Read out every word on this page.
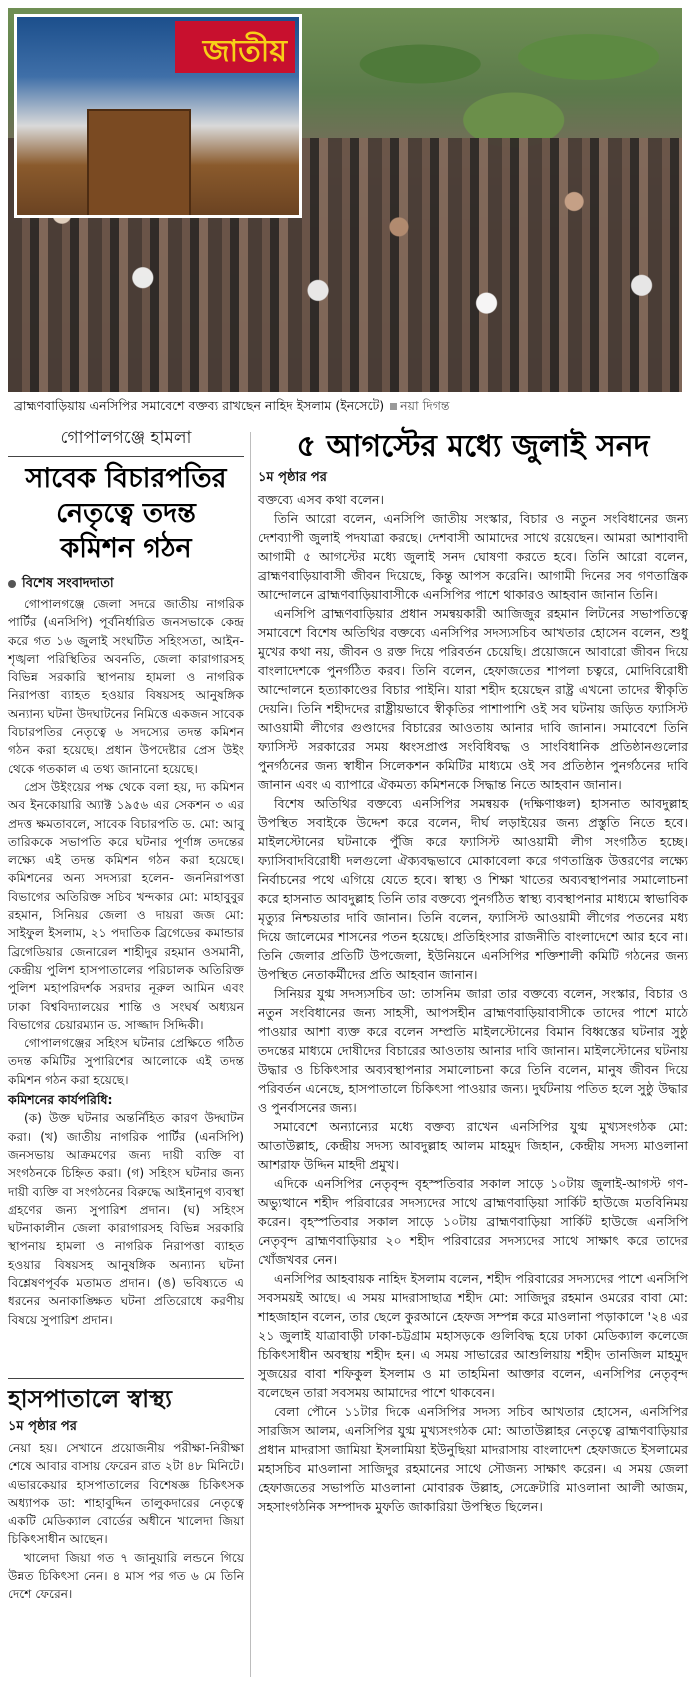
জাতীয়
ব্রাহ্মণবাড়িয়ায় এনসিপির সমাবেশে বক্তব্য রাখছেন নাহিদ ইসলাম (ইনসেটে) নয়া দিগন্ত
গোপালগঞ্জে হামলা
সাবেক বিচারপতির
নেতৃত্বে তদন্ত
কমিশন গঠন
বিশেষ সংবাদদাতা

গোপালগঞ্জে জেলা সদরে জাতীয় নাগরিক পার্টির (এনসিপি) পূর্বনির্ধারিত জনসভাকে কেন্দ্র করে গত ১৬ জুলাই সংঘটিত সহিংসতা, আইন-শৃঙ্খলা পরিস্থিতির অবনতি, জেলা কারাগারসহ বিভিন্ন সরকারি স্থাপনায় হামলা ও নাগরিক নিরাপত্তা ব্যাহত হওয়ার বিষয়সহ আনুষঙ্গিক অন্যান্য ঘটনা উদঘাটনের নিমিত্তে একজন সাবেক বিচারপতির নেতৃত্বে ৬ সদস্যের তদন্ত কমিশন গঠন করা হয়েছে। প্রধান উপদেষ্টার প্রেস উইং থেকে গতকাল এ তথ্য জানানো হয়েছে।

প্রেস উইংয়ের পক্ষ থেকে বলা হয়, দ্য কমিশন অব ইনকোয়ারি অ্যাক্ট ১৯৫৬ এর সেকশন ৩ এর প্রদত্ত ক্ষমতাবলে, সাবেক বিচারপতি ড. মো: আবু তারিককে সভাপতি করে ঘটনার পূর্ণাঙ্গ তদন্তের লক্ষ্যে এই তদন্ত কমিশন গঠন করা হয়েছে। কমিশনের অন্য সদস্যরা হলেন- জননিরাপত্তা বিভাগের অতিরিক্ত সচিব খন্দকার মো: মাহাবুবুর রহমান, সিনিয়র জেলা ও দায়রা জজ মো: সাইফুল ইসলাম, ২১ পদাতিক ব্রিগেডের কমান্ডার ব্রিগেডিয়ার জেনারেল শাহীদুর রহমান ওসমানী, কেন্দ্রীয় পুলিশ হাসপাতালের পরিচালক অতিরিক্ত পুলিশ মহাপরিদর্শক সরদার নূরুল আমিন এবং ঢাকা বিশ্ববিদ্যালয়ের শান্তি ও সংঘর্ষ অধ্যয়ন বিভাগের চেয়ারম্যান ড. সাজ্জাদ সিদ্দিকী।

গোপালগঞ্জের সহিংস ঘটনার প্রেক্ষিতে গঠিত তদন্ত কমিটির সুপারিশের আলোকে এই তদন্ত কমিশন গঠন করা হয়েছে।

কমিশনের কার্যপরিধি:

(ক) উক্ত ঘটনার অন্তর্নিহিত কারণ উদ্ঘাটন করা। (খ) জাতীয় নাগরিক পার্টির (এনসিপি) জনসভায় আক্রমণের জন্য দায়ী ব্যক্তি বা সংগঠনকে চিহ্নিত করা। (গ) সহিংস ঘটনার জন্য দায়ী ব্যক্তি বা সংগঠনের বিরুদ্ধে আইনানুগ ব্যবস্থা গ্রহণের জন্য সুপারিশ প্রদান। (ঘ) সহিংস ঘটনাকালীন জেলা কারাগারসহ বিভিন্ন সরকারি স্থাপনায় হামলা ও নাগরিক নিরাপত্তা ব্যাহত হওয়ার বিষয়সহ আনুষঙ্গিক অন্যান্য ঘটনা বিশ্লেষণপূর্বক মতামত প্রদান। (ঙ) ভবিষ্যতে এ ধরনের অনাকাঙ্ক্ষিত ঘটনা প্রতিরোধে করণীয় বিষয়ে সুপারিশ প্রদান।

হাসপাতালে স্বাস্থ্য
১ম পৃষ্ঠার পর

নেয়া হয়। সেখানে প্রয়োজনীয় পরীক্ষা-নিরীক্ষা শেষে আবার বাসায় ফেরেন রাত ২টা ৪৮ মিনিটে। এভারকেয়ার হাসপাতালের বিশেষজ্ঞ চিকিৎসক অধ্যাপক ডা: শাহাবুদ্দিন তালুকদারের নেতৃত্বে একটি মেডিক্যাল বোর্ডের অধীনে খালেদা জিয়া চিকিৎসাধীন আছেন।

খালেদা জিয়া গত ৭ জানুয়ারি লন্ডনে গিয়ে উন্নত চিকিৎসা নেন। ৪ মাস পর গত ৬ মে তিনি দেশে ফেরেন।

৫ আগস্টের মধ্যে জুলাই সনদ
১ম পৃষ্ঠার পর

বক্তব্যে এসব কথা বলেন।

তিনি আরো বলেন, এনসিপি জাতীয় সংস্কার, বিচার ও নতুন সংবিধানের জন্য দেশব্যাপী জুলাই পদযাত্রা করছে। দেশবাসী আমাদের সাথে রয়েছেন। আমরা আশাবাদী আগামী ৫ আগস্টের মধ্যে জুলাই সনদ ঘোষণা করতে হবে। তিনি আরো বলেন, ব্রাহ্মণবাড়িয়াবাসী জীবন দিয়েছে, কিন্তু আপস করেনি। আগামী দিনের সব গণতান্ত্রিক আন্দোলনে ব্রাহ্মণবাড়িয়াবাসীকে এনসিপির পাশে থাকারও আহবান জানান তিনি।

এনসিপি ব্রাহ্মণবাড়িয়ার প্রধান সমন্বয়কারী আজিজুর রহমান লিটনের সভাপতিত্বে সমাবেশে বিশেষ অতিথির বক্তব্যে এনসিপির সদস্যসচিব আখতার হোসেন বলেন, শুধু মুখের কথা নয়, জীবন ও রক্ত দিয়ে পরিবর্তন চেয়েছি। প্রয়োজনে আবারো জীবন দিয়ে বাংলাদেশকে পুনর্গঠিত করব। তিনি বলেন, হেফাজতের শাপলা চত্বরে, মোদিবিরোধী আন্দোলনে হত্যাকাণ্ডের বিচার পাইনি। যারা শহীদ হয়েছেন রাষ্ট্র এখনো তাদের স্বীকৃতি দেয়নি। তিনি শহীদদের রাষ্ট্রীয়ভাবে স্বীকৃতির পাশাপাশি ওই সব ঘটনায় জড়িত ফ্যাসিস্ট আওয়ামী লীগের গুণ্ডাদের বিচারের আওতায় আনার দাবি জানান। সমাবেশে তিনি ফ্যাসিস্ট সরকারের সময় ধ্বংসপ্রাপ্ত সংবিধিবদ্ধ ও সাংবিধানিক প্রতিষ্ঠানগুলোর পুনর্গঠনের জন্য স্বাধীন সিলেকশন কমিটির মাধ্যমে ওই সব প্রতিষ্ঠান পুনর্গঠনের দাবি জানান এবং এ ব্যাপারে ঐকমত্য কমিশনকে সিদ্ধান্ত নিতে আহবান জানান।

বিশেষ অতিথির বক্তব্যে এনসিপির সমন্বয়ক (দক্ষিণাঞ্চল) হাসনাত আবদুল্লাহ উপস্থিত সবাইকে উদ্দেশ করে বলেন, দীর্ঘ লড়াইয়ের জন্য প্রস্তুতি নিতে হবে। মাইলস্টোনের ঘটনাকে পুঁজি করে ফ্যাসিস্ট আওয়ামী লীগ সংগঠিত হচ্ছে। ফ্যাসিবাদবিরোধী দলগুলো ঐক্যবদ্ধভাবে মোকাবেলা করে গণতান্ত্রিক উত্তরণের লক্ষ্যে নির্বাচনের পথে এগিয়ে যেতে হবে। স্বাস্থ্য ও শিক্ষা খাতের অব্যবস্থাপনার সমালোচনা করে হাসনাত আবদুল্লাহ তিনি তার বক্তব্যে পুনর্গঠিত স্বাস্থ্য ব্যবস্থাপনার মাধ্যমে স্বাভাবিক মৃত্যুর নিশ্চয়তার দাবি জানান। তিনি বলেন, ফ্যাসিস্ট আওয়ামী লীগের পতনের মধ্য দিয়ে জালেমের শাসনের পতন হয়েছে। প্রতিহিংসার রাজনীতি বাংলাদেশে আর হবে না। তিনি জেলার প্রতিটি উপজেলা, ইউনিয়নে এনসিপির শক্তিশালী কমিটি গঠনের জন্য উপস্থিত নেতাকর্মীদের প্রতি আহবান জানান।

সিনিয়র যুগ্ম সদস্যসচিব ডা: তাসনিম জারা তার বক্তব্যে বলেন, সংস্কার, বিচার ও নতুন সংবিধানের জন্য সাহসী, আপসহীন ব্রাহ্মণবাড়িয়াবাসীকে তাদের পাশে মাঠে পাওয়ার আশা ব্যক্ত করে বলেন সম্প্রতি মাইলস্টোনের বিমান বিধ্বস্তের ঘটনার সুষ্ঠু তদন্তের মাধ্যমে দোষীদের বিচারের আওতায় আনার দাবি জানান। মাইলস্টোনের ঘটনায় উদ্ধার ও চিকিৎসার অব্যবস্থাপনার সমালোচনা করে তিনি বলেন, মানুষ জীবন দিয়ে পরিবর্তন এনেছে, হাসপাতালে চিকিৎসা পাওয়ার জন্য। দুর্ঘটনায় পতিত হলে সুষ্ঠু উদ্ধার ও পুনর্বাসনের জন্য।

সমাবেশে অন্যান্যের মধ্যে বক্তব্য রাখেন এনসিপির যুগ্ম মুখ্যসংগঠক মো: আতাউল্লাহ, কেন্দ্রীয় সদস্য আবদুল্লাহ আলম মাহমুদ জিহান, কেন্দ্রীয় সদস্য মাওলানা আশরাফ উদ্দিন মাহদী প্রমুখ।

এদিকে এনসিপির নেতৃবৃন্দ বৃহস্পতিবার সকাল সাড়ে ১০টায় জুলাই-আগস্ট গণ-অভ্যুত্থানে শহীদ পরিবারের সদস্যদের সাথে ব্রাহ্মণবাড়িয়া সার্কিট হাউজে মতবিনিময় করেন। বৃহস্পতিবার সকাল সাড়ে ১০টায় ব্রাহ্মণবাড়িয়া সার্কিট হাউজে এনসিপি নেতৃবৃন্দ ব্রাহ্মণবাড়িয়ার ২০ শহীদ পরিবারের সদস্যদের সাথে সাক্ষাৎ করে তাদের খোঁজখবর নেন।

এনসিপির আহবায়ক নাহিদ ইসলাম বলেন, শহীদ পরিবারের সদস্যদের পাশে এনসিপি সবসময়ই আছে। এ সময় মাদরাসাছাত্র শহীদ মো: সাজিদুর রহমান ওমরের বাবা মো: শাহজাহান বলেন, তার ছেলে কুরআনে হেফজ সম্পন্ন করে মাওলানা পড়াকালে '২৪ এর ২১ জুলাই যাত্রাবাড়ী ঢাকা-চট্টগ্রাম মহাসড়কে গুলিবিদ্ধ হয়ে ঢাকা মেডিক্যাল কলেজে চিকিৎসাধীন অবস্থায় শহীদ হন। এ সময় সাভারের আশুলিয়ায় শহীদ তানজিল মাহমুদ সুজয়ের বাবা শফিকুল ইসলাম ও মা তাহমিনা আক্তার বলেন, এনসিপির নেতৃবৃন্দ বলেছেন তারা সবসময় আমাদের পাশে থাকবেন।

বেলা পৌনে ১১টার দিকে এনসিপির সদস্য সচিব আখতার হোসেন, এনসিপির সারজিস আলম, এনসিপির যুগ্ম মুখ্যসংগঠক মো: আতাউল্লাহর নেতৃত্বে ব্রাহ্মণবাড়িয়ার প্রধান মাদরাসা জামিয়া ইসলামিয়া ইউনুছিয়া মাদরাসায় বাংলাদেশ হেফাজতে ইসলামের মহাসচিব মাওলানা সাজিদুর রহমানের সাথে সৌজন্য সাক্ষাৎ করেন। এ সময় জেলা হেফাজতের সভাপতি মাওলানা মোবারক উল্লাহ, সেক্রেটারি মাওলানা আলী আজম, সহসাংগঠনিক সম্পাদক মুফতি জাকারিয়া উপস্থিত ছিলেন।
